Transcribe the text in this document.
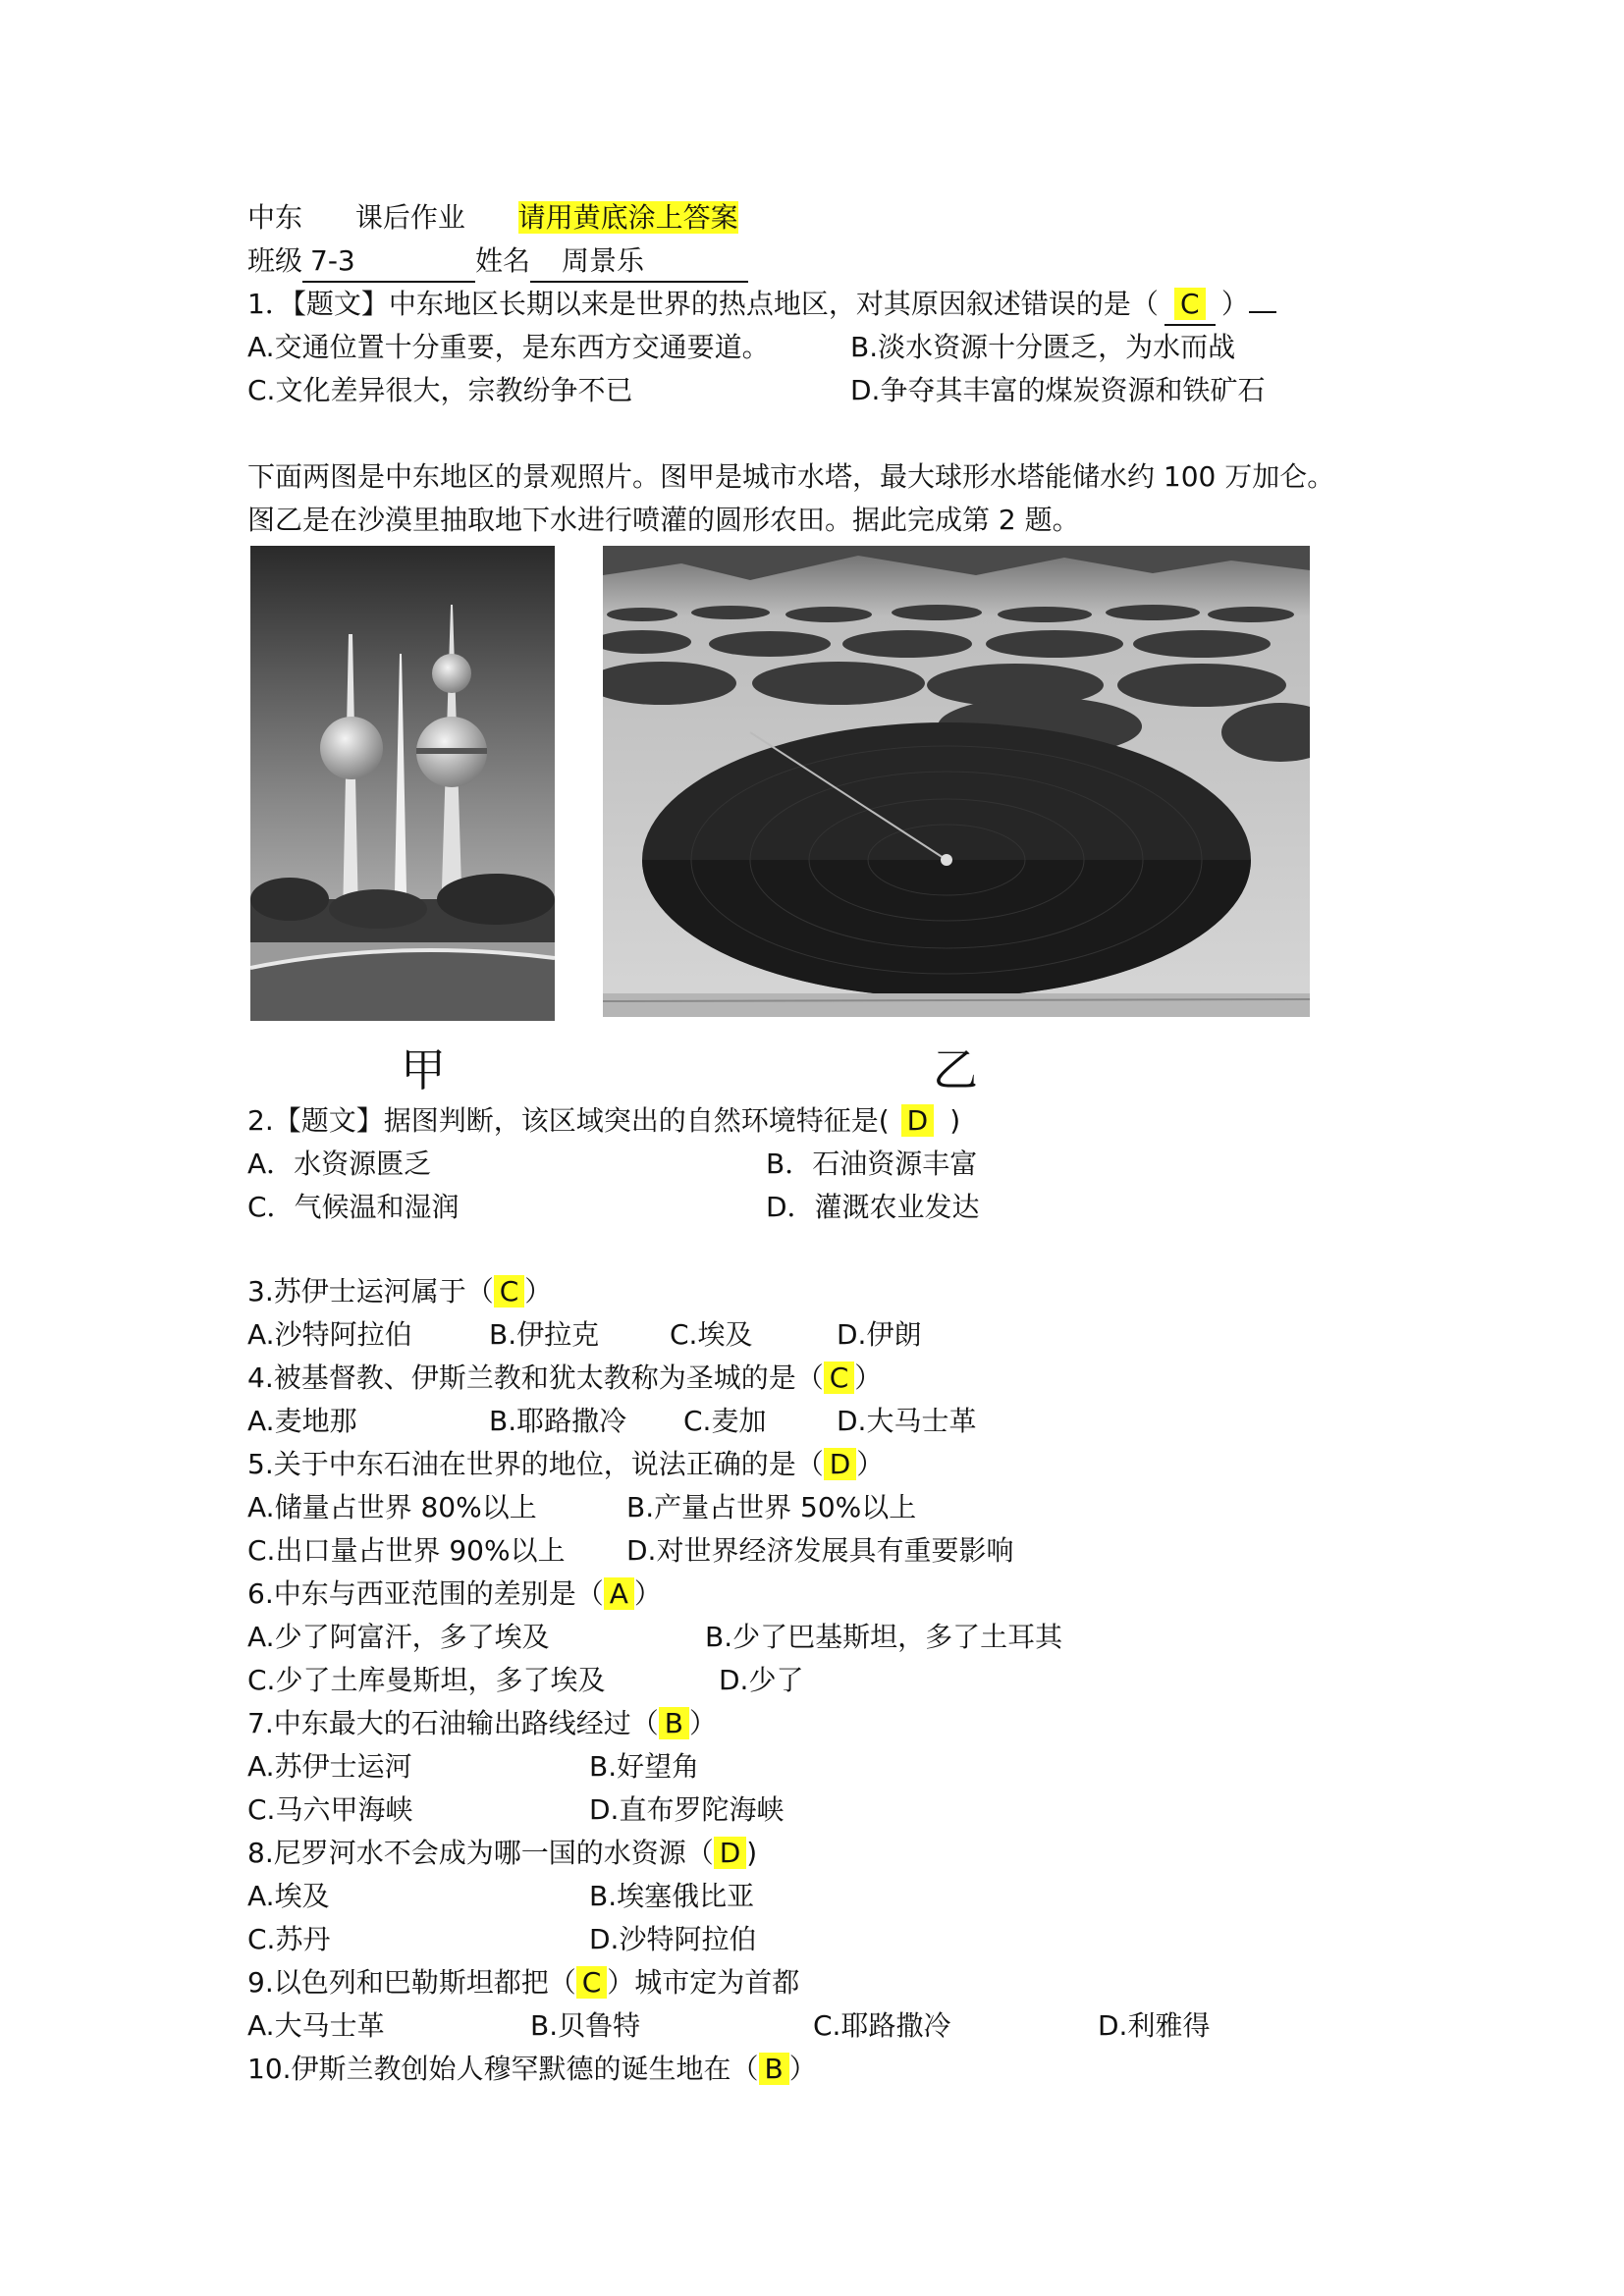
中东 课后作业 请用黄底涂上答案
班级 7-3	姓名 周景乐
1．【题文】中东地区长期以来是世界的热点地区，对其原因叙述错误的是（ C ）
A.交通位置十分重要，是东西方交通要道。	B.淡水资源十分匮乏，为水而战
C.文化差异很大，宗教纷争不已	D.争夺其丰富的煤炭资源和铁矿石
下面两图是中东地区的景观照片。图甲是城市水塔，最大球形水塔能储水约 100 万加仑。
图乙是在沙漠里抽取地下水进行喷灌的圆形农田。据此完成第 2 题。
甲	乙
2.【题文】据图判断，该区域突出的自然环境特征是( D )
A．水资源匮乏	B．石油资源丰富
C．气候温和湿润	D．灌溉农业发达
3.苏伊士运河属于（ C ）
A.沙特阿拉伯	B.伊拉克	C.埃及	D.伊朗
4.被基督教、伊斯兰教和犹太教称为圣城的是（ C ）
A.麦地那	B.耶路撒冷 C.麦加	D.大马士革
5.关于中东石油在世界的地位，说法正确的是（ D ）
A.储量占世界 80%以上	B.产量占世界 50%以上
C.出口量占世界 90%以上 D.对世界经济发展具有重要影响
6.中东与西亚范围的差别是（ A ）
A.少了阿富汗，多了埃及	B.少了巴基斯坦，多了土耳其
C.少了土库曼斯坦，多了埃及	D.少了
7.中东最大的石油输出路线经过（ B ）
A.苏伊士运河	B.好望角
C.马六甲海峡	D.直布罗陀海峡
8.尼罗河水不会成为哪一国的水资源（ D )
A.埃及	B.埃塞俄比亚
C.苏丹	D.沙特阿拉伯
9.以色列和巴勒斯坦都把（ C ）城市定为首都
A.大马士革	B.贝鲁特	C.耶路撒冷	D.利雅得
10.伊斯兰教创始人穆罕默德的诞生地在（ B ）
